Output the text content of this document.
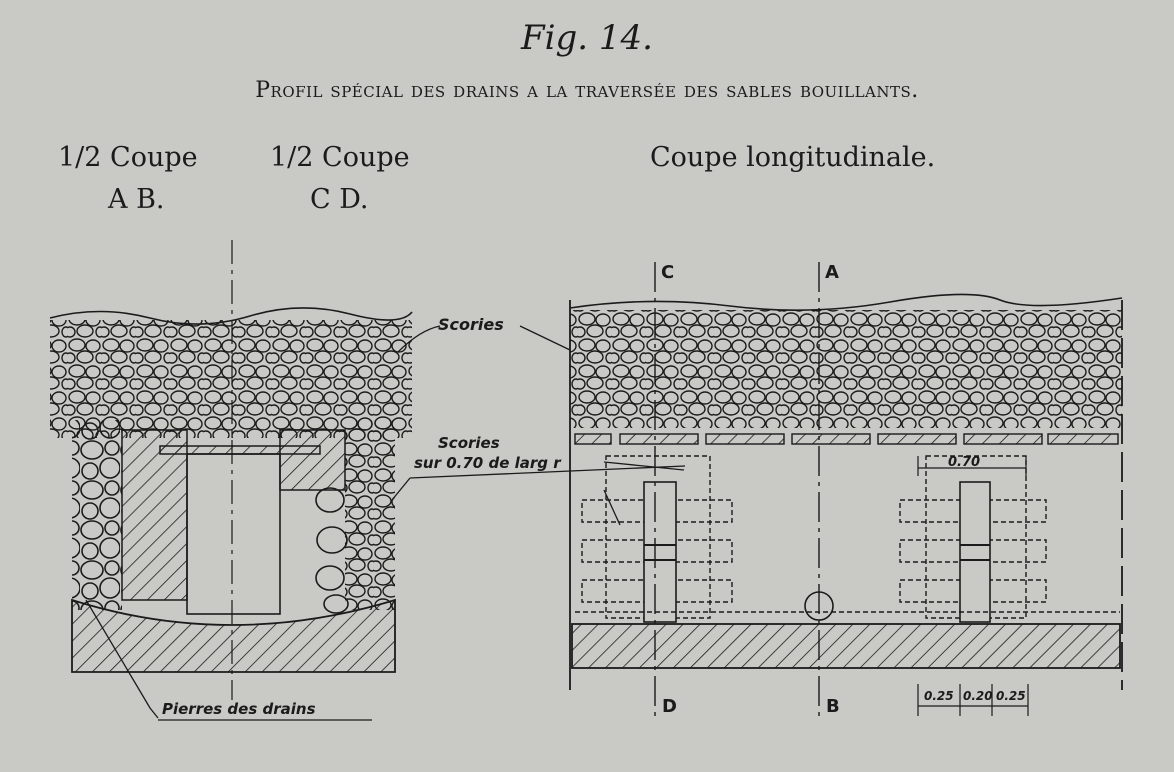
Fig. 14.
Profil spécial des drains a la traversée des sables bouillants.
1/2 Coupe
A B.
1/2 Coupe
C D.
Coupe longitudinale.
Pierres des drains
Scories
Scories
sur 0.70 de larg r
C	A
D	B
0.70
0.25 0.20 0.25
